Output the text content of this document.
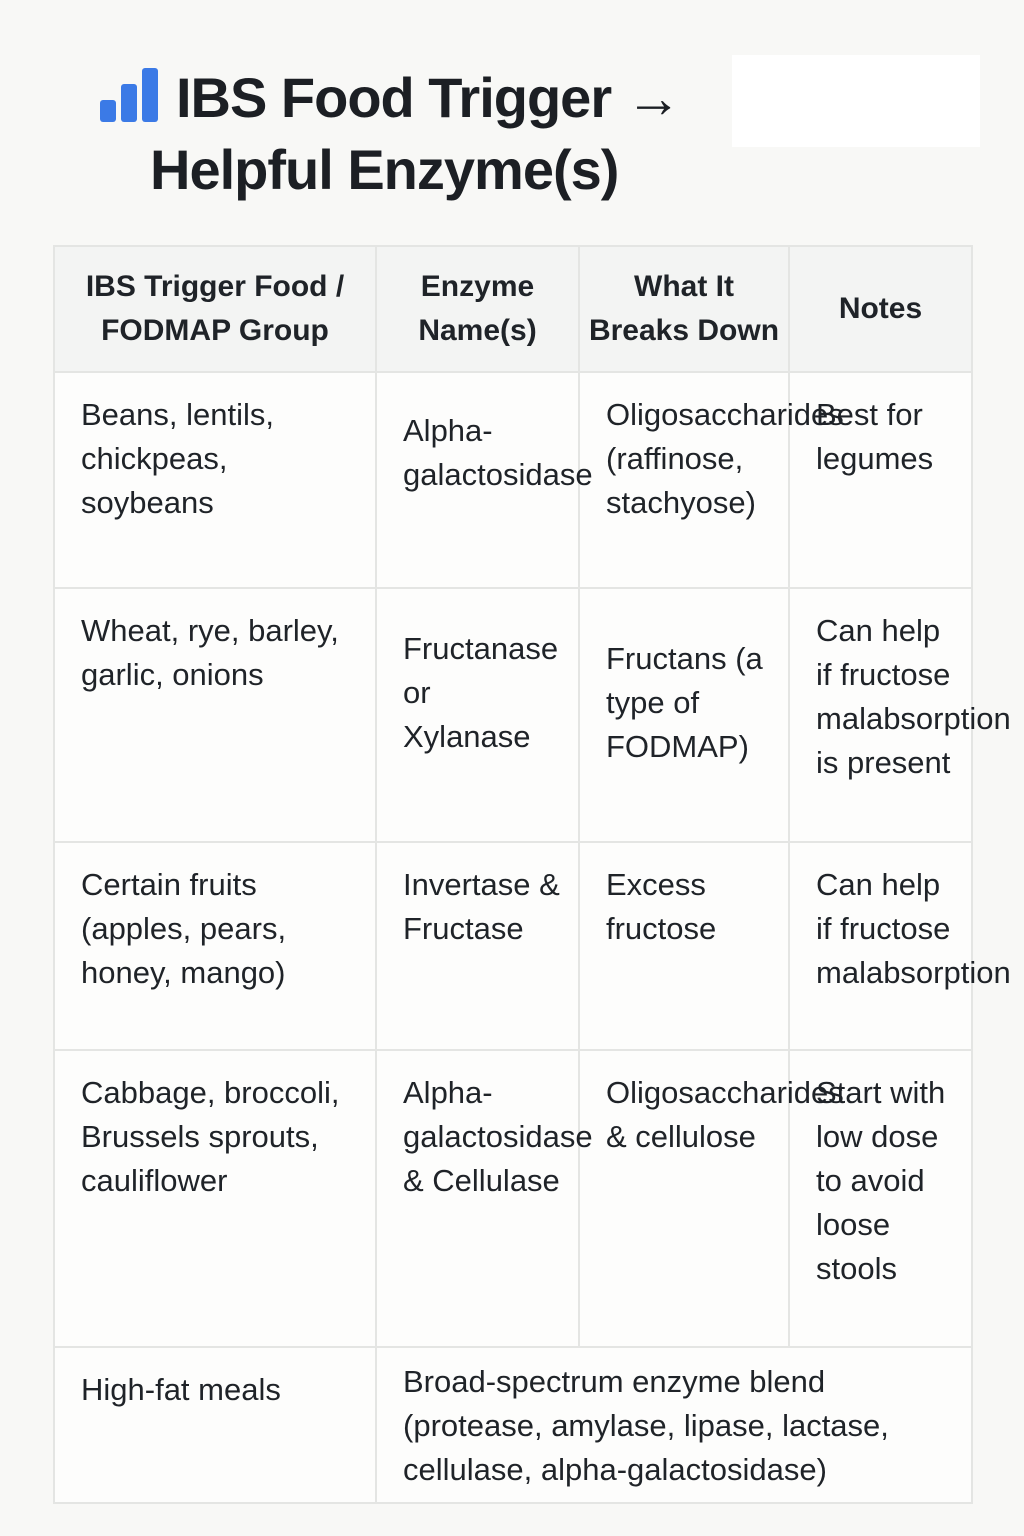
IBS Food Trigger →
Helpful Enzyme(s)
IBS Trigger Food / FODMAP Group	Enzyme Name(s)	What It Breaks Down	Notes
Beans, lentils, chickpeas, soybeans	Alpha-galactosidase	Oligosaccharides (raffinose, stachyose)	Best for legumes
Wheat, rye, barley, garlic, onions	Fructanase or Xylanase	Fructans (a type of FODMAP)	Can help if fructose malabsorption is present
Certain fruits (apples, pears, honey, mango)	Invertase & Fructase	Excess fructose	Can help if fructose malabsorption
Cabbage, broccoli, Brussels sprouts, cauliflower	Alpha-galactosidase & Cellulase	Oligosaccharides & cellulose	Start with low dose to avoid loose stools
High-fat meals	Broad-spectrum enzyme blend (protease, amylase, lipase, lactase, cellulase, alpha-galactosidase)		
